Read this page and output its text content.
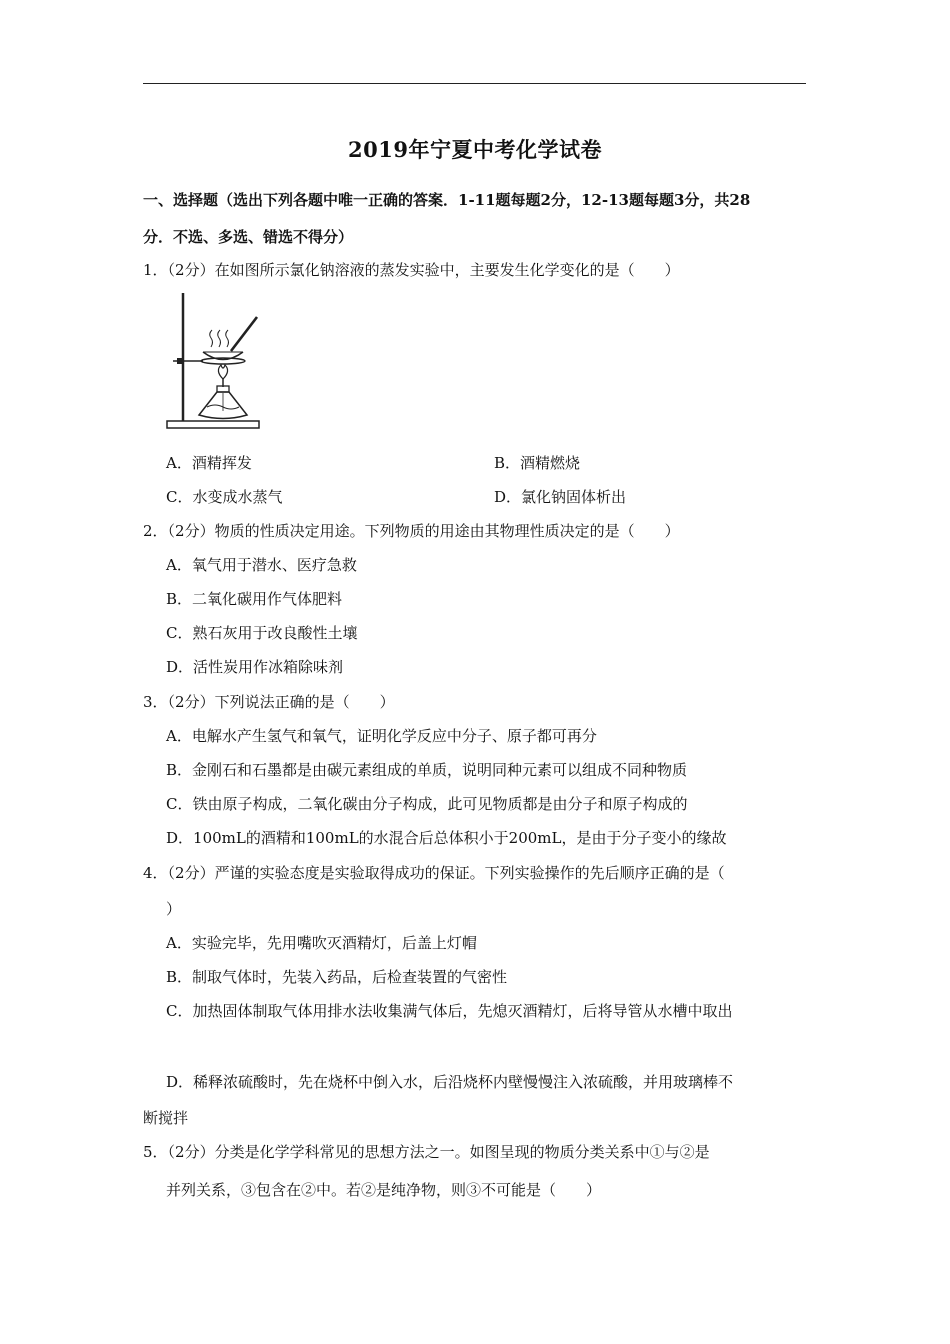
2019年宁夏中考化学试卷
一、选择题（选出下列各题中唯一正确的答案．1-11题每题2分，12-13题每题3分，共28
分．不选、多选、错选不得分）
1．（2分）在如图所示氯化钠溶液的蒸发实验中，主要发生化学变化的是（　　）
A．酒精挥发	B．酒精燃烧
C．水变成水蒸气	D．氯化钠固体析出
2．（2分）物质的性质决定用途。下列物质的用途由其物理性质决定的是（　　）
A．氧气用于潜水、医疗急救
B．二氧化碳用作气体肥料
C．熟石灰用于改良酸性土壤
D．活性炭用作冰箱除味剂
3．（2分）下列说法正确的是（　　）
A．电解水产生氢气和氧气，证明化学反应中分子、原子都可再分
B．金刚石和石墨都是由碳元素组成的单质，说明同种元素可以组成不同种物质
C．铁由原子构成，二氧化碳由分子构成，此可见物质都是由分子和原子构成的
D．100mL的酒精和100mL的水混合后总体积小于200mL，是由于分子变小的缘故
4．（2分）严谨的实验态度是实验取得成功的保证。下列实验操作的先后顺序正确的是（
）
A．实验完毕，先用嘴吹灭酒精灯，后盖上灯帽
B．制取气体时，先装入药品，后检查装置的气密性
C．加热固体制取气体用排水法收集满气体后，先熄灭酒精灯，后将导管从水槽中取出
D．稀释浓硫酸时，先在烧杯中倒入水，后沿烧杯内壁慢慢注入浓硫酸，并用玻璃棒不
断搅拌
5．（2分）分类是化学学科常见的思想方法之一。如图呈现的物质分类关系中①与②是
并列关系，③包含在②中。若②是纯净物，则③不可能是（　　）
